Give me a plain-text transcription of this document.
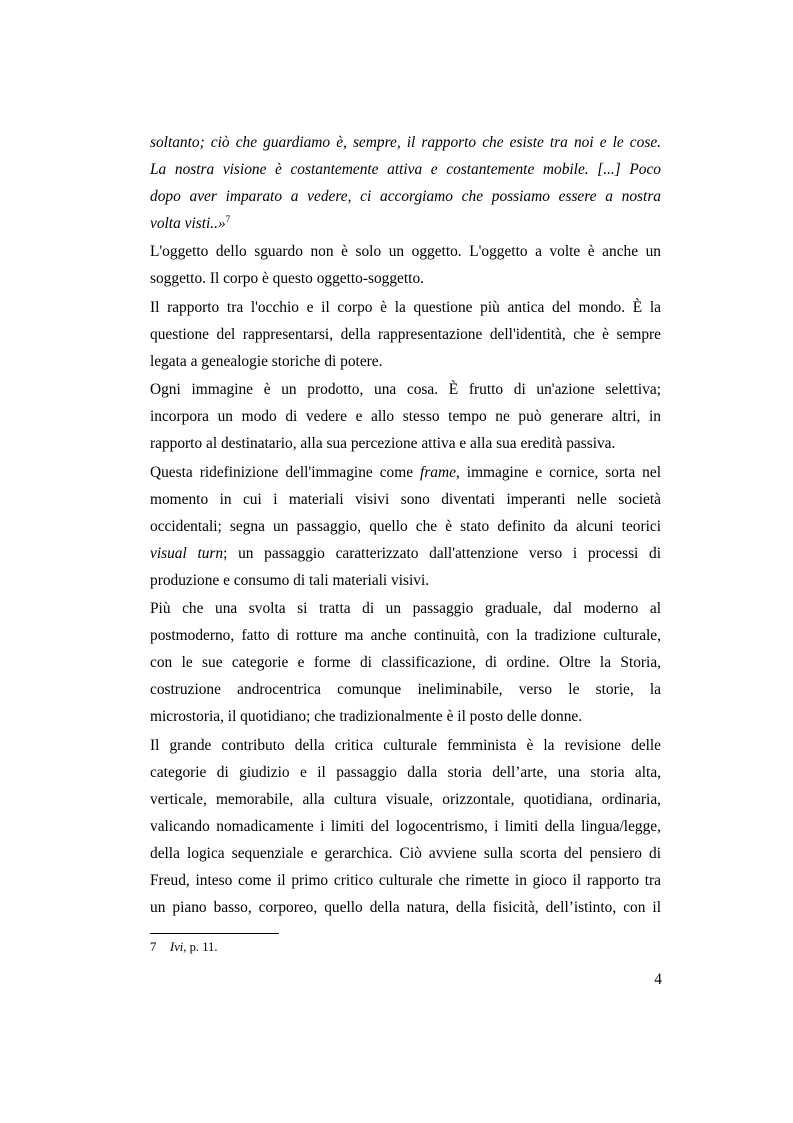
soltanto; ciò che guardiamo è, sempre, il rapporto che esiste tra noi e le cose.

La nostra visione è costantemente attiva e costantemente mobile. [...] Poco

dopo aver imparato a vedere, ci accorgiamo che possiamo essere a nostra

volta visti..»$^7$

L'oggetto dello sguardo non è solo un oggetto. L'oggetto a volte è anche un

soggetto. Il corpo è questo oggetto-soggetto.

Il rapporto tra l'occhio e il corpo è la questione più antica del mondo. È la

questione del rappresentarsi, della rappresentazione dell'identità, che è sempre

legata a genealogie storiche di potere.

Ogni immagine è un prodotto, una cosa. È frutto di un'azione selettiva;

incorpora un modo di vedere e allo stesso tempo ne può generare altri, in

rapporto al destinatario, alla sua percezione attiva e alla sua eredità passiva.

Questa ridefinizione dell'immagine come frame, immagine e cornice, sorta nel

momento in cui i materiali visivi sono diventati imperanti nelle società

occidentali; segna un passaggio, quello che è stato definito da alcuni teorici

visual turn; un passaggio caratterizzato dall'attenzione verso i processi di

produzione e consumo di tali materiali visivi.

Più che una svolta si tratta di un passaggio graduale, dal moderno al

postmoderno, fatto di rotture ma anche continuità, con la tradizione culturale,

con le sue categorie e forme di classificazione, di ordine. Oltre la Storia,

costruzione androcentrica comunque ineliminabile, verso le storie, la

microstoria, il quotidiano; che tradizionalmente è il posto delle donne.

Il grande contributo della critica culturale femminista è la revisione delle

categorie di giudizio e il passaggio dalla storia dell’arte, una storia alta,

verticale, memorabile, alla cultura visuale, orizzontale, quotidiana, ordinaria,

valicando nomadicamente i limiti del logocentrismo, i limiti della lingua/legge,

della logica sequenziale e gerarchica. Ciò avviene sulla scorta del pensiero di

Freud, inteso come il primo critico culturale che rimette in gioco il rapporto tra

un piano basso, corporeo, quello della natura, della fisicità, dell’istinto, con il

7 Ivi, p. 11.
4
